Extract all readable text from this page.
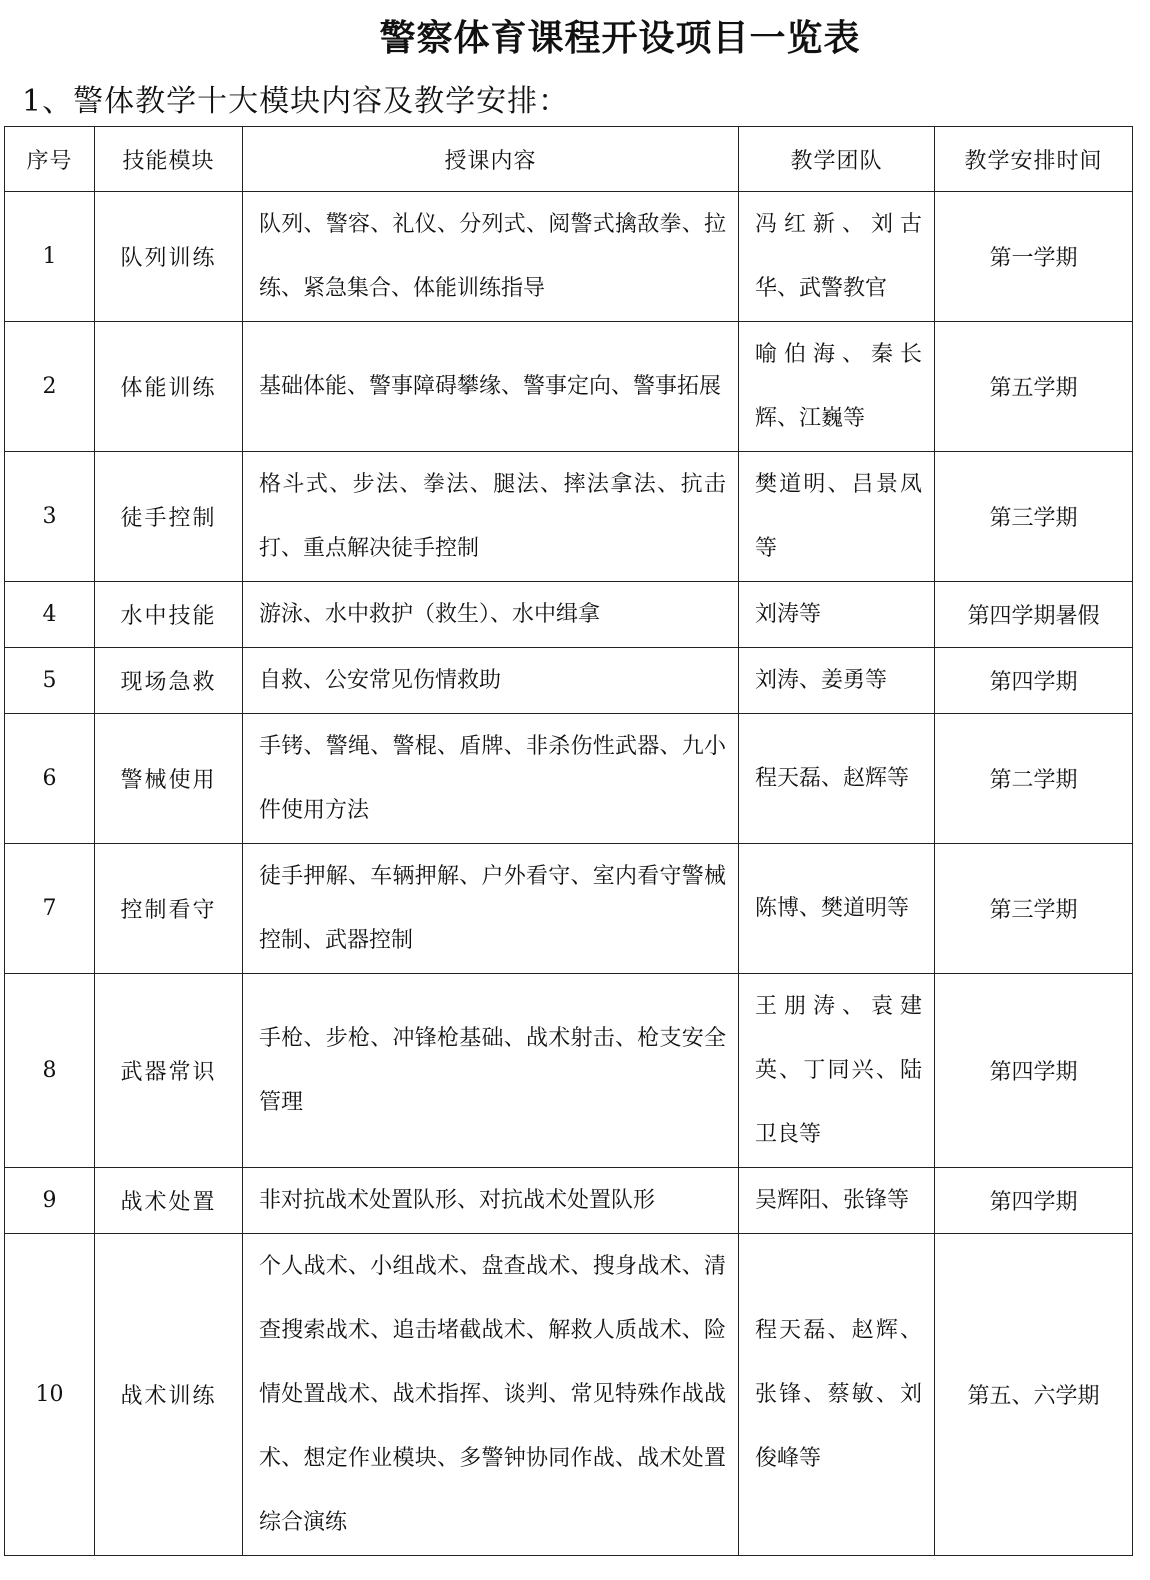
警察体育课程开设项目一览表
1、警体教学十大模块内容及教学安排：
序号	技能模块	授课内容	教学团队	教学安排时间
1	队列训练	队列、警容、礼仪、分列式、阅警式擒敌拳、拉练、紧急集合、体能训练指导	冯红新、刘古华、武警教官	第一学期
2	体能训练	基础体能、警事障碍攀缘、警事定向、警事拓展	喻伯海、秦长辉、江巍等	第五学期
3	徒手控制	格斗式、步法、拳法、腿法、摔法拿法、抗击打、重点解决徒手控制	樊道明、吕景凤等	第三学期
4	水中技能	游泳、水中救护（救生）、水中缉拿	刘涛等	第四学期暑假
5	现场急救	自救、公安常见伤情救助	刘涛、姜勇等	第四学期
6	警械使用	手铐、警绳、警棍、盾牌、非杀伤性武器、九小件使用方法	程天磊、赵辉等	第二学期
7	控制看守	徒手押解、车辆押解、户外看守、室内看守警械控制、武器控制	陈博、樊道明等	第三学期
8	武器常识	手枪、步枪、冲锋枪基础、战术射击、枪支安全管理	王朋涛、袁建英、丁同兴、陆卫良等	第四学期
9	战术处置	非对抗战术处置队形、对抗战术处置队形	吴辉阳、张锋等	第四学期
10	战术训练	个人战术、小组战术、盘查战术、搜身战术、清查搜索战术、追击堵截战术、解救人质战术、险情处置战术、战术指挥、谈判、常见特殊作战战术、想定作业模块、多警钟协同作战、战术处置综合演练	程天磊、赵辉、张锋、蔡敏、刘俊峰等	第五、六学期
